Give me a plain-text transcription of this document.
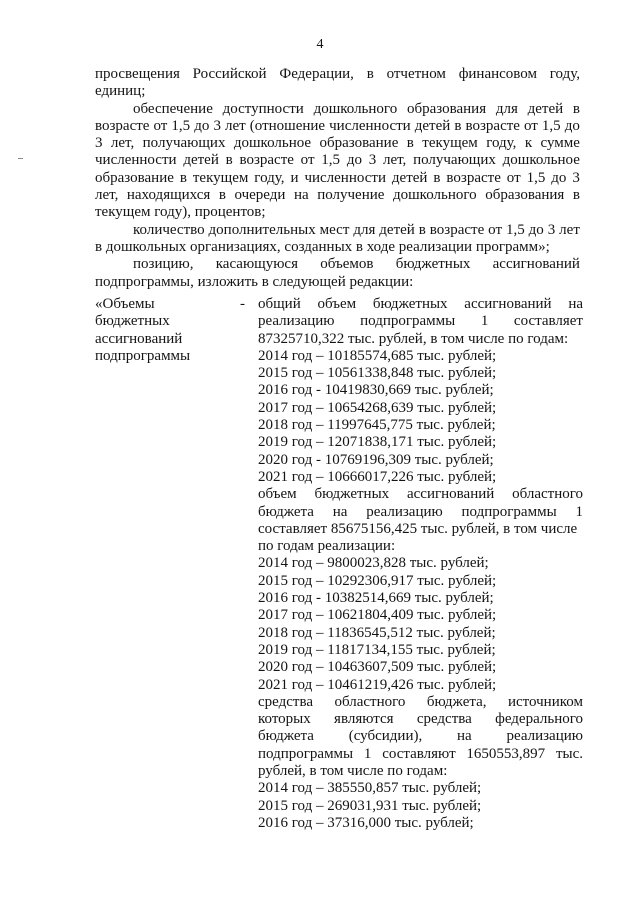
4
просвещения Российской Федерации, в отчетном финансовом году,
единиц;
обеспечение доступности дошкольного образования для детей в
возрасте от 1,5 до 3 лет (отношение численности детей в возрасте от 1,5 до
3 лет, получающих дошкольное образование в текущем году, к сумме
численности детей в возрасте от 1,5 до 3 лет, получающих дошкольное
образование в текущем году, и численности детей в возрасте от 1,5 до 3
лет, находящихся в очереди на получение дошкольного образования в
текущем году), процентов;
количество дополнительных мест для детей в возрасте от 1,5 до 3 лет
в дошкольных организациях, созданных в ходе реализации программ»;
позицию, касающуюся объемов бюджетных ассигнований
подпрограммы, изложить в следующей редакции:
«Объемы
бюджетных
ассигнований
подпрограммы
- общий объем бюджетных ассигнований на
реализацию подпрограммы 1 составляет
87325710,322 тыс. рублей, в том числе по годам:
2014 год – 10185574,685 тыс. рублей;
2015 год – 10561338,848 тыс. рублей;
2016 год - 10419830,669 тыс. рублей;
2017 год – 10654268,639 тыс. рублей;
2018 год – 11997645,775 тыс. рублей;
2019 год – 12071838,171 тыс. рублей;
2020 год - 10769196,309 тыс. рублей;
2021 год – 10666017,226 тыс. рублей;
объем бюджетных ассигнований областного
бюджета на реализацию подпрограммы 1
составляет 85675156,425 тыс. рублей, в том числе
по годам реализации:
2014 год – 9800023,828 тыс. рублей;
2015 год – 10292306,917 тыс. рублей;
2016 год - 10382514,669 тыс. рублей;
2017 год – 10621804,409 тыс. рублей;
2018 год – 11836545,512 тыс. рублей;
2019 год – 11817134,155 тыс. рублей;
2020 год – 10463607,509 тыс. рублей;
2021 год – 10461219,426 тыс. рублей;
средства областного бюджета, источником
которых являются средства федерального
бюджета (субсидии), на реализацию
подпрограммы 1 составляют 1650553,897 тыс.
рублей, в том числе по годам:
2014 год – 385550,857 тыс. рублей;
2015 год – 269031,931 тыс. рублей;
2016 год – 37316,000 тыс. рублей;
